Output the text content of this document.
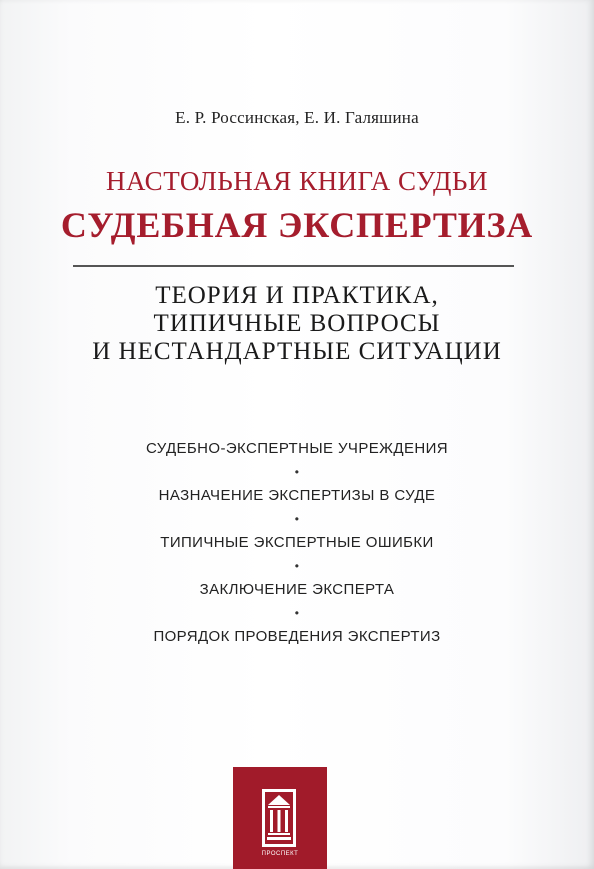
Е. Р. Россинская, Е. И. Галяшина
НАСТОЛЬНАЯ КНИГА СУДЬИ
СУДЕБНАЯ ЭКСПЕРТИЗА
ТЕОРИЯ И ПРАКТИКА,
ТИПИЧНЫЕ ВОПРОСЫ
И НЕСТАНДАРТНЫЕ СИТУАЦИИ
СУДЕБНО-ЭКСПЕРТНЫЕ УЧРЕЖДЕНИЯ
•
НАЗНАЧЕНИЕ ЭКСПЕРТИЗЫ В СУДЕ
•
ТИПИЧНЫЕ ЭКСПЕРТНЫЕ ОШИБКИ
•
ЗАКЛЮЧЕНИЕ ЭКСПЕРТА
•
ПОРЯДОК ПРОВЕДЕНИЯ ЭКСПЕРТИЗ
ПРОСПЕКТ
